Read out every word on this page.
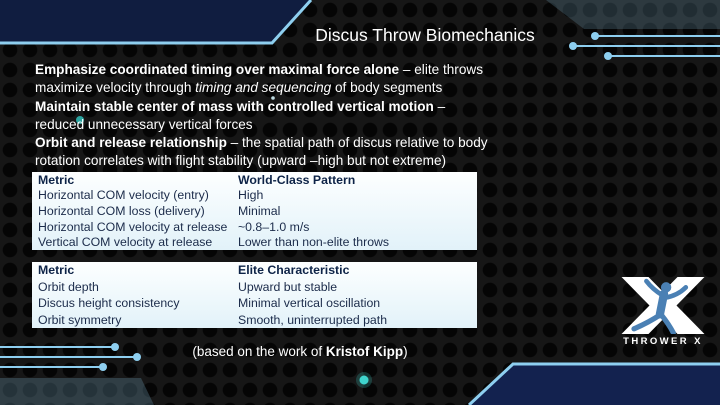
Discus Throw Biomechanics
Emphasize coordinated timing over maximal force alone – elite throws
maximize velocity through timing and sequencing of body segments
Maintain stable center of mass with controlled vertical motion –
reduced unnecessary vertical forces
Orbit and release relationship – the spatial path of discus relative to body
rotation correlates with flight stability (upward –high but not extreme)
Metric	World-Class Pattern
Horizontal COM velocity (entry)	High
Horizontal COM loss (delivery)	Minimal
Horizontal COM velocity at release	~0.8–1.0 m/s
Vertical COM velocity at release	Lower than non-elite throws
Metric	Elite Characteristic
Orbit depth	Upward but stable
Discus height consistency	Minimal vertical oscillation
Orbit symmetry	Smooth, uninterrupted path
(based on the work of Kristof Kipp)
THROWER X
